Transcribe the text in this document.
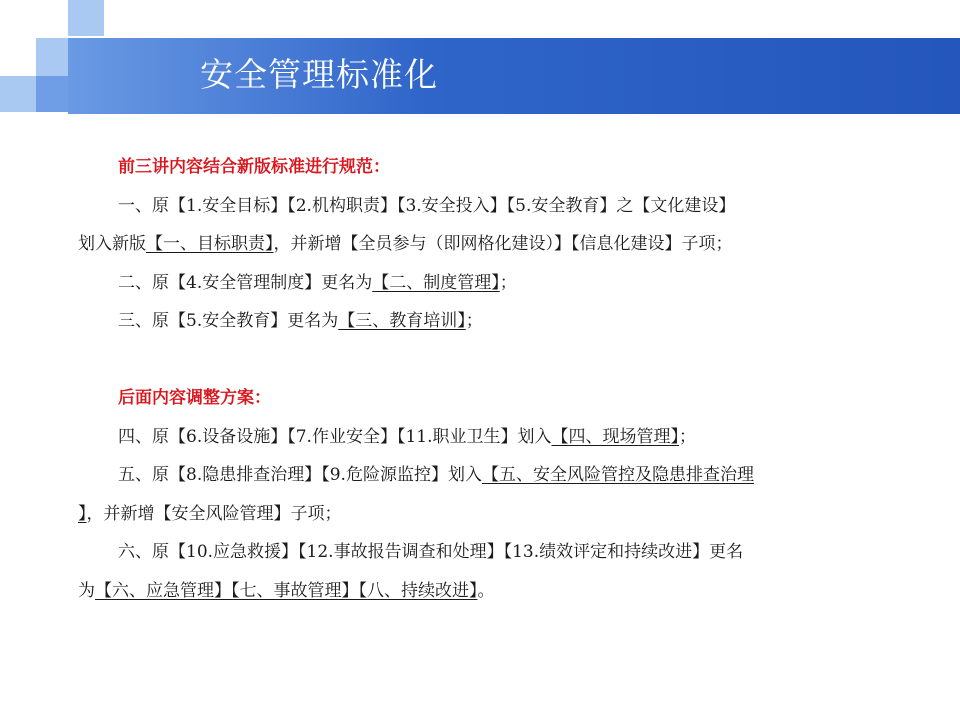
安全管理标准化
前三讲内容结合新版标准进行规范：
一、原【1.安全目标】【2.机构职责】【3.安全投入】【5.安全教育】之【文化建设】
划入新版【一、目标职责】，并新增【全员参与（即网格化建设）】【信息化建设】子项；
二、原【4.安全管理制度】更名为【二、制度管理】；
三、原【5.安全教育】更名为【三、教育培训】；
后面内容调整方案：
四、原【6.设备设施】【7.作业安全】【11.职业卫生】划入【四、现场管理】；
五、原【8.隐患排查治理】【9.危险源监控】划入【五、安全风险管控及隐患排查治理
】，并新增【安全风险管理】子项；
六、原【10.应急救援】【12.事故报告调查和处理】【13.绩效评定和持续改进】更名
为【六、应急管理】【七、事故管理】【八、持续改进】。
